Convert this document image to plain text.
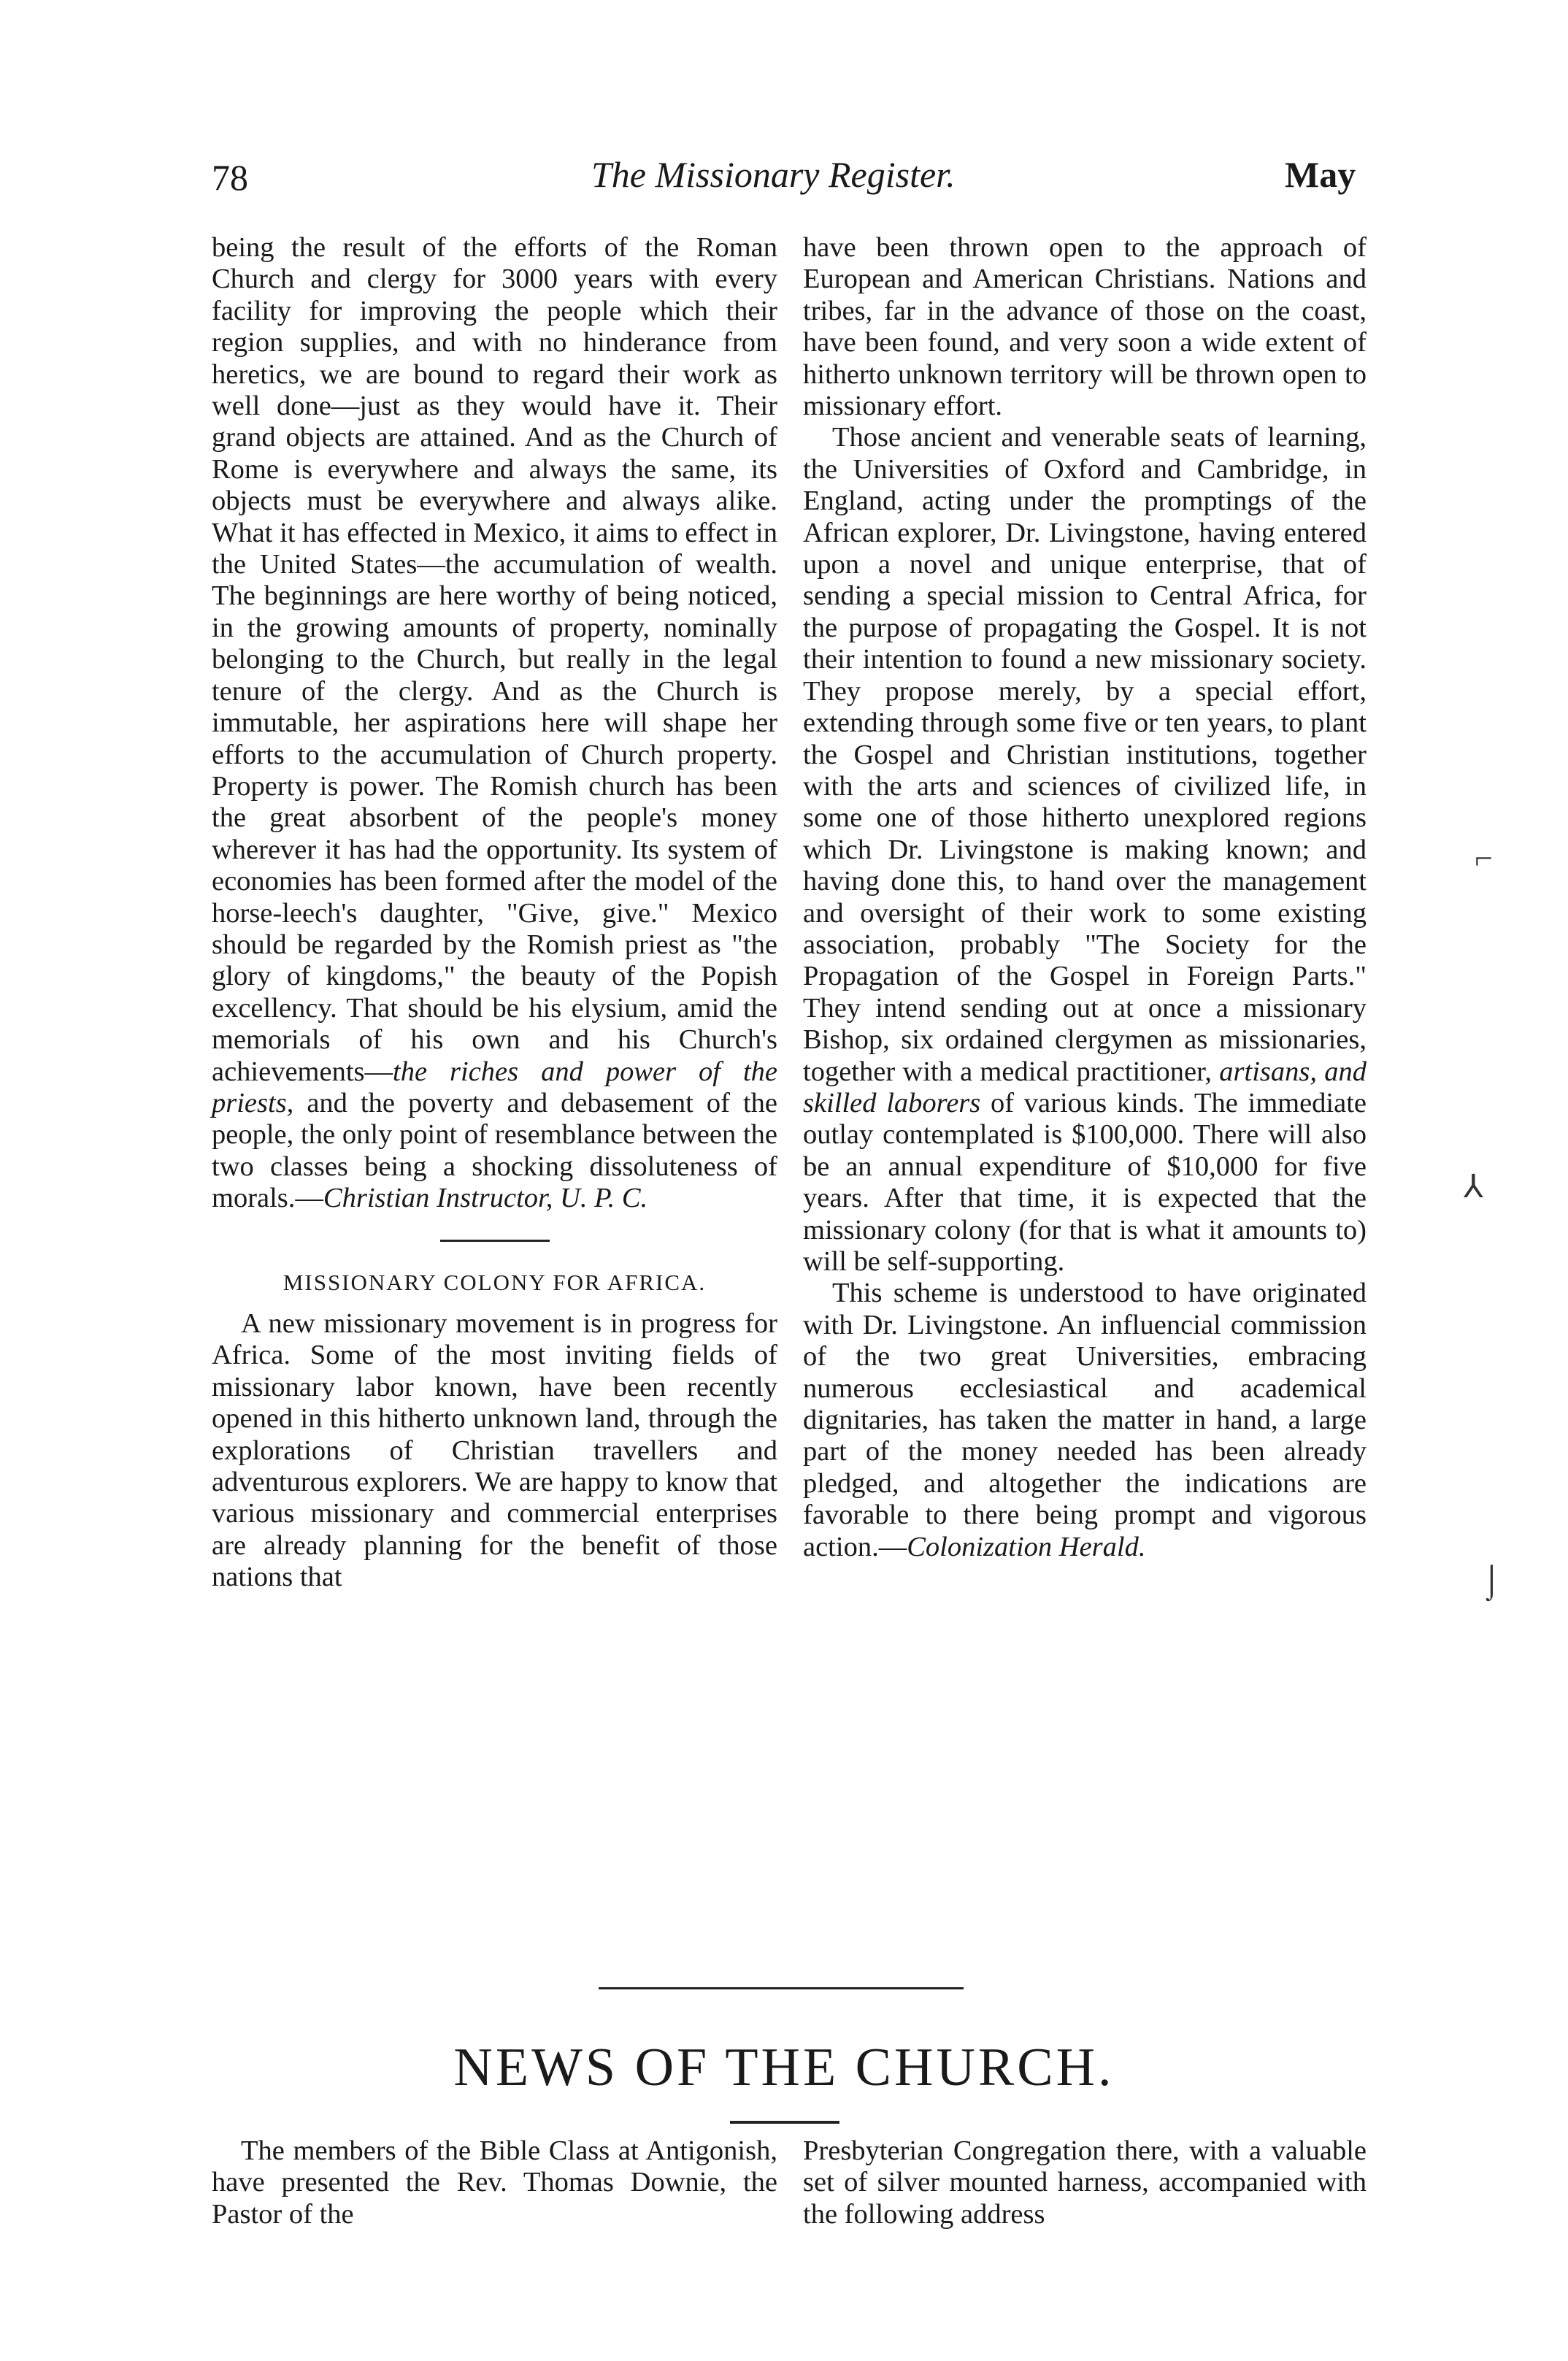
78	The Missionary Register.	May

being the result of the efforts of the Roman Church and clergy for 3000 years with every facility for improving the people which their region supplies, and with no hinderance from heretics, we are bound to regard their work as well done—just as they would have it. Their grand objects are attained. And as the Church of Rome is everywhere and always the same, its objects must be everywhere and always alike. What it has effected in Mexico, it aims to effect in the United States—the accumulation of wealth. The beginnings are here worthy of being noticed, in the growing amounts of property, nominally belonging to the Church, but really in the legal tenure of the clergy. And as the Church is immutable, her aspirations here will shape her efforts to the accumulation of Church property. Property is power. The Romish church has been the great absorbent of the people's money wherever it has had the opportunity. Its system of economies has been formed after the model of the horse-leech's daughter, "Give, give." Mexico should be regarded by the Romish priest as "the glory of kingdoms," the beauty of the Popish excellency. That should be his elysium, amid the memorials of his own and his Church's achievements—the riches and power of the priests, and the poverty and debasement of the people, the only point of resemblance between the two classes being a shocking dissoluteness of morals.—Christian Instructor, U. P. C.

MISSIONARY COLONY FOR AFRICA.

A new missionary movement is in progress for Africa. Some of the most inviting fields of missionary labor known, have been recently opened in this hitherto unknown land, through the explorations of Christian travellers and adventurous explorers. We are happy to know that various missionary and commercial enterprises are already planning for the benefit of those nations that

have been thrown open to the approach of European and American Christians. Nations and tribes, far in the advance of those on the coast, have been found, and very soon a wide extent of hitherto unknown territory will be thrown open to missionary effort.

Those ancient and venerable seats of learning, the Universities of Oxford and Cambridge, in England, acting under the promptings of the African explorer, Dr. Livingstone, having entered upon a novel and unique enterprise, that of sending a special mission to Central Africa, for the purpose of propagating the Gospel. It is not their intention to found a new missionary society. They propose merely, by a special effort, extending through some five or ten years, to plant the Gospel and Christian institutions, together with the arts and sciences of civilized life, in some one of those hitherto unexplored regions which Dr. Livingstone is making known; and having done this, to hand over the management and oversight of their work to some existing association, probably "The Society for the Propagation of the Gospel in Foreign Parts." They intend sending out at once a missionary Bishop, six ordained clergymen as missionaries, together with a medical practitioner, artisans, and skilled laborers of various kinds. The immediate outlay contemplated is $100,000. There will also be an annual expenditure of $10,000 for five years. After that time, it is expected that the missionary colony (for that is what it amounts to) will be self-supporting.

This scheme is understood to have originated with Dr. Livingstone. An influencial commission of the two great Universities, embracing numerous ecclesiastical and academical dignitaries, has taken the matter in hand, a large part of the money needed has been already pledged, and altogether the indications are favorable to there being prompt and vigorous action.—Colonization Herald.

NEWS OF THE CHURCH.

The members of the Bible Class at Antigonish, have presented the Rev. Thomas Downie, the Pastor of the

Presbyterian Congregation there, with a valuable set of silver mounted harness, accompanied with the following address

⌐
⅄
⌡
